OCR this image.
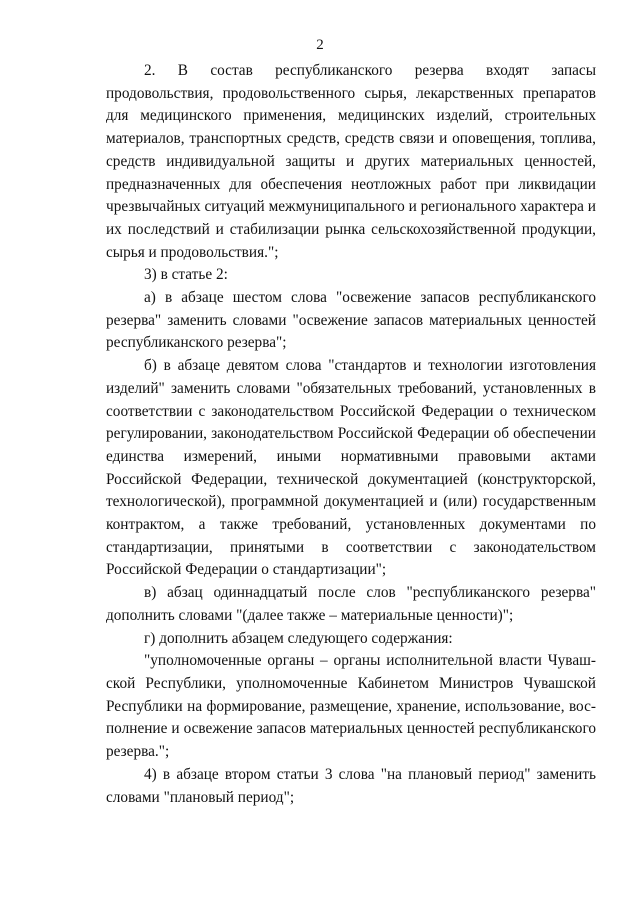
2

2. В состав республиканского резерва входят запасы продовольствия, продовольственного сырья, лекарственных препаратов для медицинского применения, медицинских изделий, строительных материалов, транспортных средств, средств связи и оповещения, топлива, средств индивидуальной защиты и других материальных ценностей, предназначенных для обеспечения неотложных работ при ликвидации чрезвычайных ситуаций межмуниципального и регионального характера и их последствий и стабилизации рынка сельскохозяйственной продукции, сырья и продовольствия.";

3) в статье 2:

а) в абзаце шестом слова "освежение запасов республиканского резерва" заменить словами "освежение запасов материальных ценностей республиканского резерва";

б) в абзаце девятом слова "стандартов и технологии изготовления изделий" заменить словами "обязательных требований, установленных в соответствии с законодательством Российской Федерации о техническом регулировании, законодательством Российской Федерации об обеспечении единства измерений, иными нормативными правовыми актами Российской Федерации, технической документацией (конструкторской, технологической), программной документацией и (или) государственным контрактом, а также требований, установленных документами по стандартизации, принятыми в соответствии с законодательством Российской Федерации о стандартизации";

в) абзац одиннадцатый после слов "республиканского резерва" дополнить словами "(далее также – материальные ценности)";

г) дополнить абзацем следующего содержания:

"уполномоченные органы – органы исполнительной власти Чувашской Республики, уполномоченные Кабинетом Министров Чувашской Республики на формирование, размещение, хранение, использование, восполнение и освежение запасов материальных ценностей республиканского резерва.";

4) в абзаце втором статьи 3 слова "на плановый период" заменить словами "плановый период";
